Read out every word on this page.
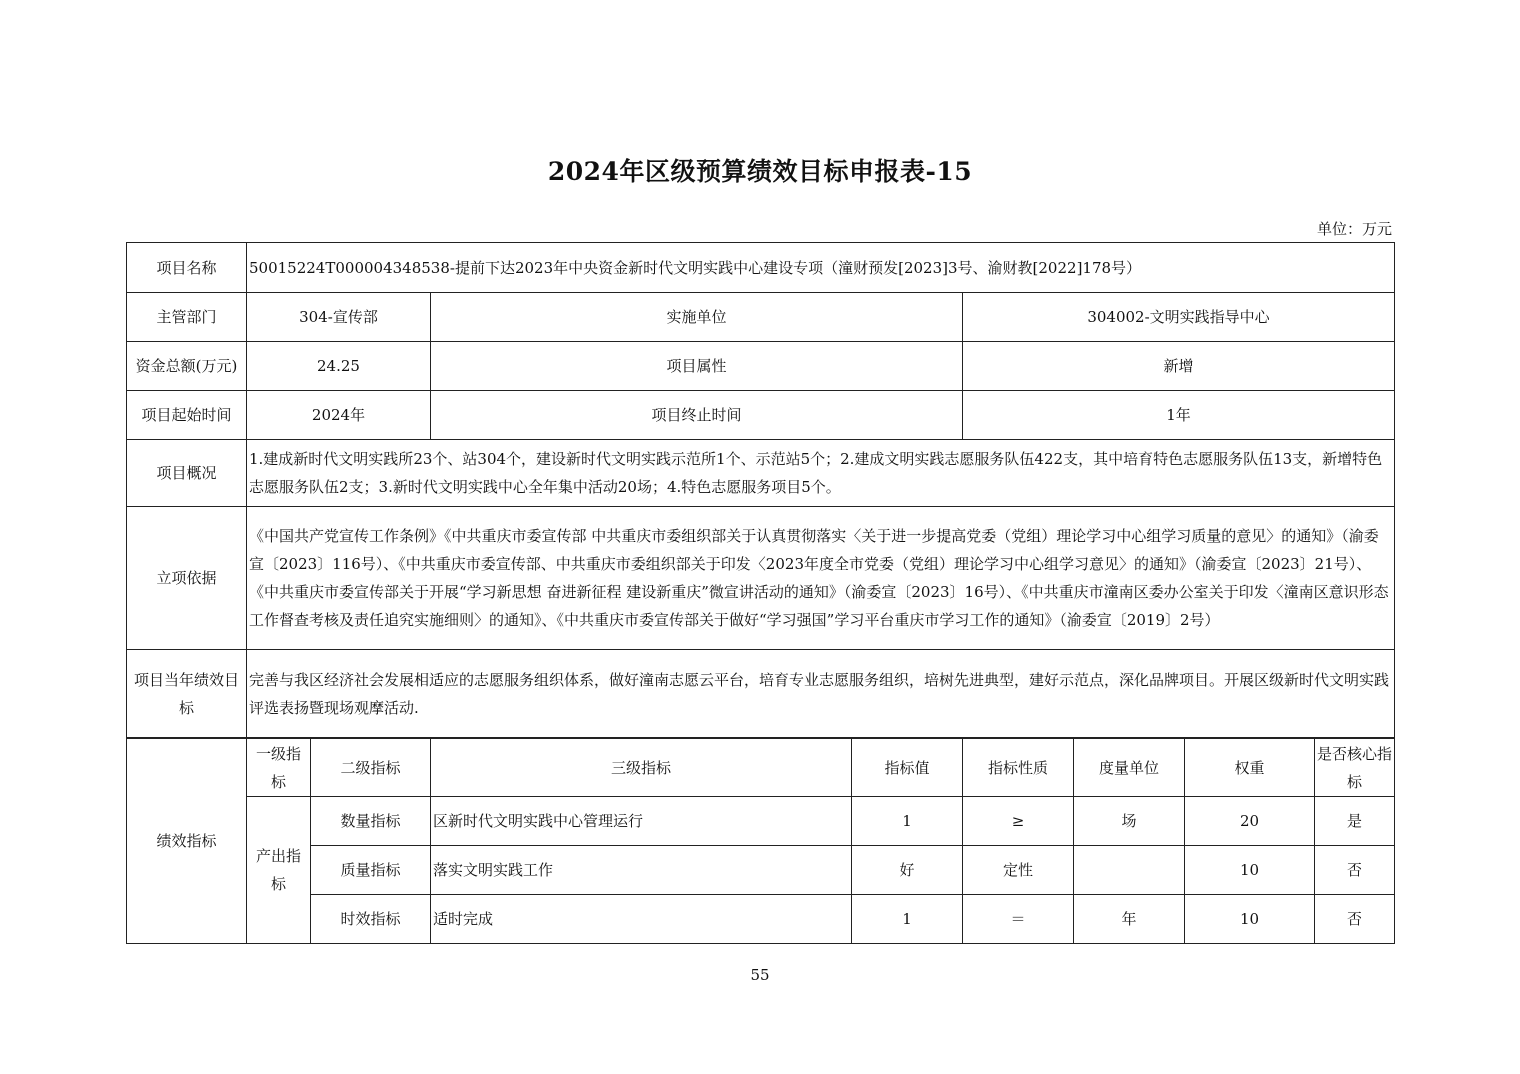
2024年区级预算绩效目标申报表-15
单位：万元
项目名称	50015224T000004348538-提前下达2023年中央资金新时代文明实践中心建设专项（潼财预发[2023]3号、渝财教[2022]178号）
主管部门	304-宣传部	实施单位	304002-文明实践指导中心
资金总额(万元)	24.25	项目属性	新增
项目起始时间	2024年	项目终止时间	1年
项目概况	1.建成新时代文明实践所23个、站304个，建设新时代文明实践示范所1个、示范站5个；2.建成文明实践志愿服务队伍422支，其中培育特色志愿服务队伍13支，新增特色志愿服务队伍2支；3.新时代文明实践中心全年集中活动20场；4.特色志愿服务项目5个。		
立项依据	《中国共产党宣传工作条例》《中共重庆市委宣传部 中共重庆市委组织部关于认真贯彻落实〈关于进一步提高党委（党组）理论学习中心组学习质量的意见〉的通知》（渝委宣〔2023〕116号）、《中共重庆市委宣传部、中共重庆市委组织部关于印发〈2023年度全市党委（党组）理论学习中心组学习意见〉的通知》（渝委宣〔2023〕21号）、《中共重庆市委宣传部关于开展“学习新思想 奋进新征程 建设新重庆”微宣讲活动的通知》（渝委宣〔2023〕16号）、《中共重庆市潼南区委办公室关于印发〈潼南区意识形态工作督查考核及责任追究实施细则〉的通知》、《中共重庆市委宣传部关于做好“学习强国”学习平台重庆市学习工作的通知》（渝委宣〔2019〕2号）		
项目当年绩效目标	完善与我区经济社会发展相适应的志愿服务组织体系，做好潼南志愿云平台，培育专业志愿服务组织，培树先进典型，建好示范点，深化品牌项目。开展区级新时代文明实践评选表扬暨现场观摩活动.		
绩效指标	一级指标	二级指标	三级指标	指标值	指标性质	度量单位	权重	是否核心指标
	产出指标	数量指标	区新时代文明实践中心管理运行	1	≥	场	20	是
		质量指标	落实文明实践工作	好	定性		10	否
		时效指标	适时完成	1	＝	年	10	否
55
